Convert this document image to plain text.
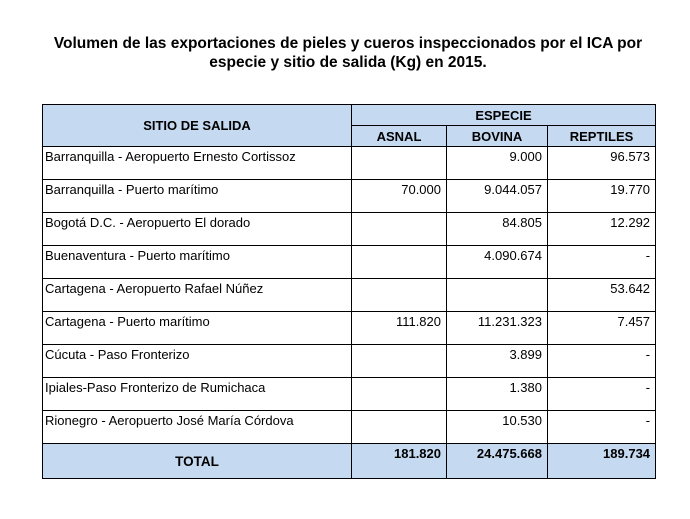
Volumen de las exportaciones de pieles y cueros inspeccionados por el ICA por
especie y sitio de salida (Kg) en 2015.
SITIO DE SALIDA	ESPECIE		
	ASNAL	BOVINA	REPTILES
Barranquilla - Aeropuerto Ernesto Cortissoz		9.000	96.573
Barranquilla - Puerto marítimo	70.000	9.044.057	19.770
Bogotá D.C. - Aeropuerto El dorado		84.805	12.292
Buenaventura - Puerto marítimo		4.090.674	-
Cartagena - Aeropuerto Rafael Núñez			53.642
Cartagena - Puerto marítimo	111.820	11.231.323	7.457
Cúcuta - Paso Fronterizo		3.899	-
Ipiales-Paso Fronterizo de Rumichaca		1.380	-
Rionegro - Aeropuerto José María Córdova		10.530	-
TOTAL	181.820	24.475.668	189.734
